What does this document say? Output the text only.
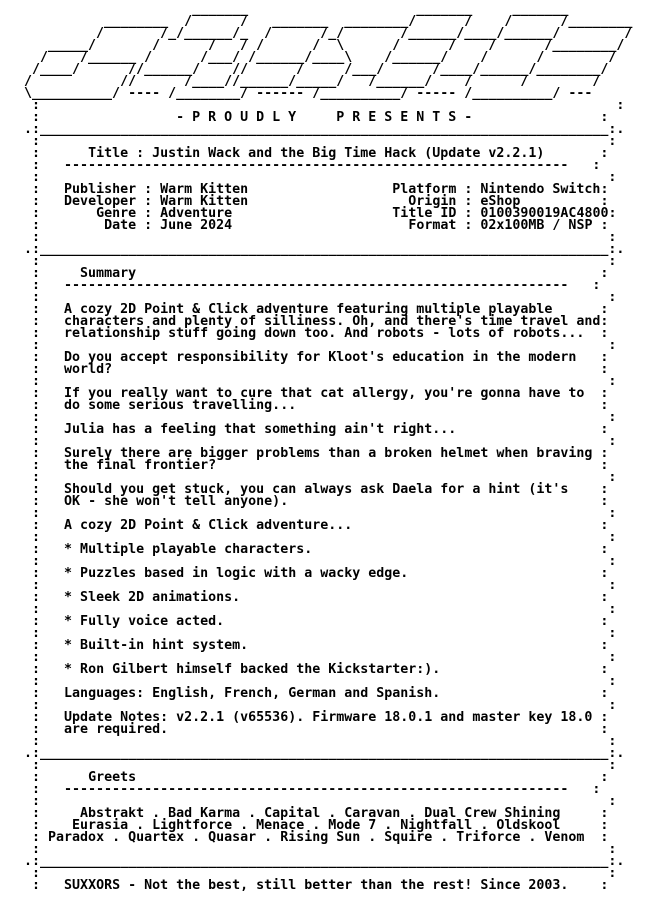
_______                     _______     _______
________  /      /   _______  ________/      /    /      /________
/       /_/______/_  /      /_/       /______/____/______/        /
_____/       /      /   / /      /  \      /      /    /      /________/
/    /______ /      /___/ /______/____\    /______/    /      /        /
/____/      //______/    //      /     /___/      /____/______/________/
/           //      /____//______/_____/   /______/    /      /        /
\__________/ ---- /________/ ------ /__________/ ----- /__________/ ---
:                                                                        :
:	- P R O U D L Y     P R E S E N T S -	:
.:_______________________________________________________________________:.
:                                                                       :
:	Title : Justin Wack and the Big Time Hack (Update v2.2.1)	:
:   ---------------------------------------------------------------   :
:                                                                       :
: Publisher : Warm Kitten	Platform : Nintendo Switch:
: Developer : Warm Kitten	Origin : eShop	:
:       Genre : Adventure	Title ID : 0100390019AC4800:
:        Date : June 2024	Format : 02x100MB / NSP :
:                                                                       :
.:_______________________________________________________________________:.
:                                                                       :
:	Summary	:
:   ---------------------------------------------------------------   :
:                                                                       :
: A cozy 2D Point & Click adventure featuring multiple playable	:
: characters and plenty of silliness. Oh, and there's time travel and:
: relationship stuff going down too. And robots - lots of robots...  :
:                                                                       :
: Do you accept responsibility for Kloot's education in the modern   :
: world?	:
:                                                                       :
: If you really want to cure that cat allergy, you're gonna have to  :
: do some serious travelling...	:
:                                                                       :
: Julia has a feeling that something ain't right...	:
:                                                                       :
: Surely there are bigger problems than a broken helmet when braving :
: the final frontier?	:
:                                                                       :
: Should you get stuck, you can always ask Daela for a hint (it's    :
: OK - she won't tell anyone).	:
:                                                                       :
: A cozy 2D Point & Click adventure...	:
:                                                                       :
: * Multiple playable characters.	:
:                                                                       :
: * Puzzles based in logic with a wacky edge.	:
:                                                                       :
: * Sleek 2D animations.	:
:                                                                       :
: * Fully voice acted.	:
:                                                                       :
: * Built-in hint system.	:
:                                                                       :
: * Ron Gilbert himself backed the Kickstarter:).	:
:                                                                       :
: Languages: English, French, German and Spanish.	:
:                                                                       :
: Update Notes: v2.2.1 (v65536). Firmware 18.0.1 and master key 18.0 :
: are required.	:
:                                                                       :
.:_______________________________________________________________________:.
:                                                                       :
:	Greets	:
:   ---------------------------------------------------------------   :
:                                                                       :
:	Abstrakt . Bad Karma . Capital . Caravan . Dual Crew Shining	:
: Eurasia . Lightforce . Menace . Mode 7 . Nightfall . Oldskool	:
: Paradox . Quartex . Quasar . Rising Sun . Squire . Triforce . Venom  :
:                                                                       :
.:_______________________________________________________________________:.
:                                                                       :
: SUXXORS - Not the best, still better than the rest! Since 2003.    :
